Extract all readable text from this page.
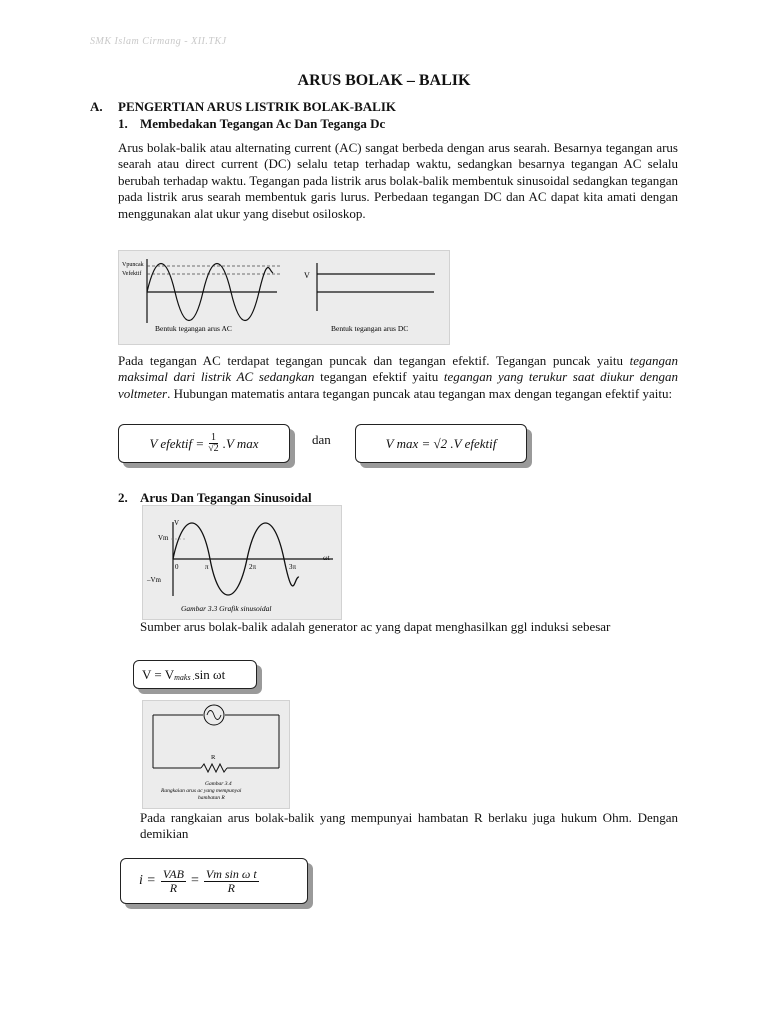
SMK Islam Cirmang - XII.TKJ
ARUS BOLAK – BALIK
A. PENGERTIAN ARUS LISTRIK BOLAK-BALIK
1. Membedakan Tegangan Ac Dan Teganga Dc
Arus bolak-balik atau alternating current (AC) sangat berbeda dengan arus searah. Besarnya tegangan arus searah atau direct current (DC) selalu tetap terhadap waktu, sedangkan besarnya tegangan AC selalu berubah terhadap waktu. Tegangan pada listrik arus bolak-balik membentuk sinusoidal sedangkan tegangan pada listrik arus searah membentuk garis lurus. Perbedaan tegangan DC dan AC dapat kita amati dengan menggunakan alat ukur yang disebut osiloskop.
Vpuncak
Vefektif
Bentuk tegangan arus AC
V
Bentuk tegangan arus DC
Pada tegangan AC terdapat tegangan puncak dan tegangan efektif. Tegangan puncak yaitu tegangan maksimal dari listrik AC sedangkan tegangan efektif yaitu tegangan yang terukur saat diukur dengan voltmeter. Hubungan matematis antara tegangan puncak atau tegangan max dengan tegangan efektif yaitu:
V efektif = $\frac{1}{√2} .V$ max	dan	V max = √2 . V efektif
2. Arus Dan Tegangan Sinusoidal
V
Vm
–Vm
ωt
0	π	2π	3π
Gambar 3.3 Grafik sinusoidal
Sumber arus bolak-balik adalah generator ac yang dapat menghasilkan ggl induksi sebesar
V = V maks . sin ωt
R
Gambar 3.4
Rangkaian arus ac yang mempunyai
hambatan R
Pada rangkaian arus bolak-balik yang mempunyai hambatan R berlaku juga hukum Ohm. Dengan demikian
$i = \frac{\text{VAB}}{R} = \frac{\text{Vm sin ω t}}{R}$
